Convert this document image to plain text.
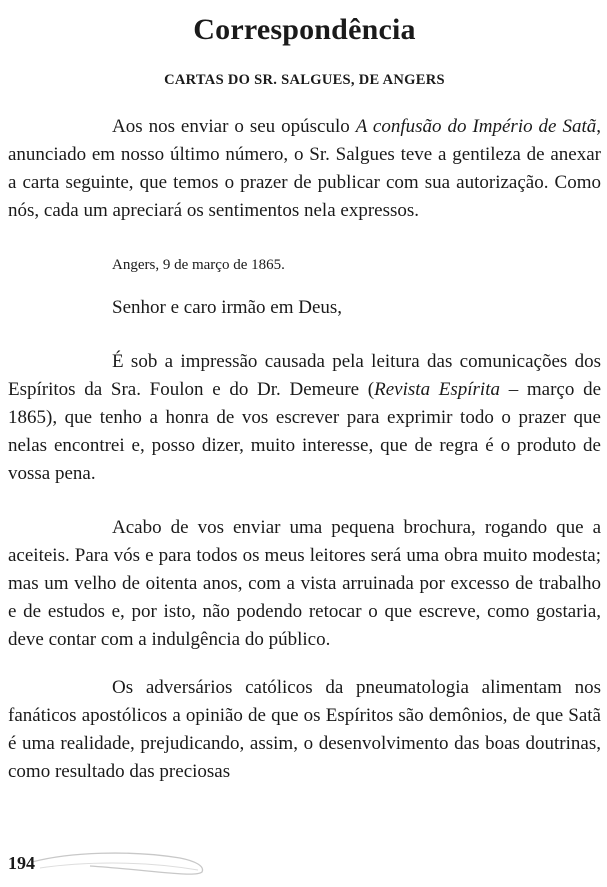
Correspondência
CARTAS DO SR. SALGUES, DE ANGERS

Aos nos enviar o seu opúsculo A confusão do Império de Satã, anunciado em nosso último número, o Sr. Salgues teve a gentileza de anexar a carta seguinte, que temos o prazer de publicar com sua autorização. Como nós, cada um apreciará os sentimentos nela expressos.

Angers, 9 de março de 1865.

Senhor e caro irmão em Deus,

É sob a impressão causada pela leitura das comunicações dos Espíritos da Sra. Foulon e do Dr. Demeure (Revista Espírita – março de 1865), que tenho a honra de vos escrever para exprimir todo o prazer que nelas encontrei e, posso dizer, muito interesse, que de regra é o produto de vossa pena.

Acabo de vos enviar uma pequena brochura, rogando que a aceiteis. Para vós e para todos os meus leitores será uma obra muito modesta; mas um velho de oitenta anos, com a vista arruinada por excesso de trabalho e de estudos e, por isto, não podendo retocar o que escreve, como gostaria, deve contar com a indulgência do público.

Os adversários católicos da pneumatologia alimentam nos fanáticos apostólicos a opinião de que os Espíritos são demônios, de que Satã é uma realidade, prejudicando, assim, o desenvolvimento das boas doutrinas, como resultado das preciosas

194
